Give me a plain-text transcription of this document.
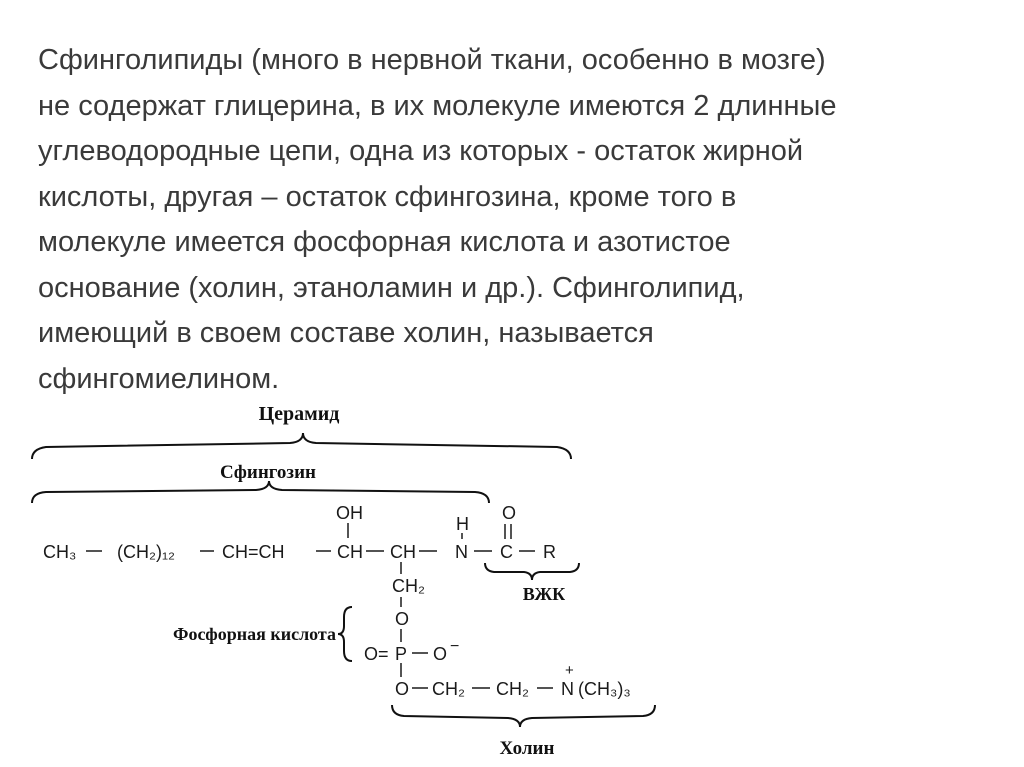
Сфинголипиды (много в нервной ткани, особенно в мозге)
не содержат глицерина, в их молекуле имеются 2 длинные
углеводородные цепи, одна из которых - остаток жирной
кислоты, другая – остаток сфингозина, кроме того в
молекуле имеется фосфорная кислота и азотистое
основание (холин, этаноламин и др.). Сфинголипид,
имеющий в своем составе холин, называется
сфингомиелином.
Церамид
Сфингозин
CH₃ (CH₂)₁₂	CH=CH	CH CH N C R
OH
H
O
ВЖК
CH₂
O
O= P O −
Фосфорная кислота
O CH₂ CH₂ N
+
(CH₃)₃
Холин
